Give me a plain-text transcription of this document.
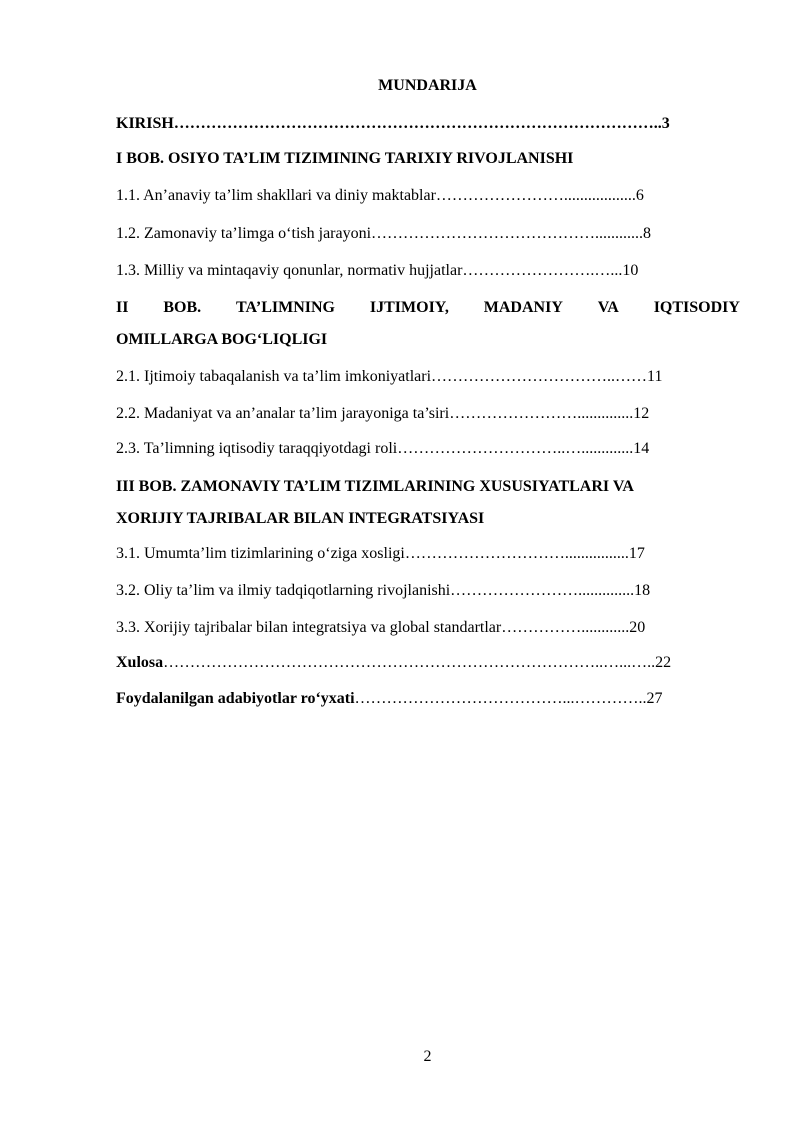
MUNDARIJA
KIRISH………………………………………………………………………………..3
I BOB. OSIYO TA’LIM TIZIMINING TARIXIY RIVOJLANISHI
1.1. An’anaviy ta’lim shakllari va diniy maktablar……………………..................6
1.2. Zamonaviy ta’limga o‘tish jarayoni……………………………………............8
1.3. Milliy va mintaqaviy qonunlar, normativ hujjatlar…………………….…...10
II BOB. TA’LIMNING IJTIMOIY, MADANIY VA IQTISODIY
OMILLARGA BOG‘LIQLIGI
2.1. Ijtimoiy tabaqalanish va ta’lim imkoniyatlari……………………………..……11
2.2. Madaniyat va an’analar ta’lim jarayoniga ta’siri……………………..............12
2.3. Ta’limning iqtisodiy taraqqiyotdagi roli…………………………..….............14
III BOB. ZAMONAVIY TA’LIM TIZIMLARINING XUSUSIYATLARI VA
XORIJIY TAJRIBALAR BILAN INTEGRATSIYASI
3.1. Umumta’lim tizimlarining o‘ziga xosligi…………………………................17
3.2. Oliy ta’lim va ilmiy tadqiqotlarning rivojlanishi……………………..............18
3.3. Xorijiy tajribalar bilan integratsiya va global standartlar……………............20
Xulosa………………………………………………………………………..…...…..22
Foydalanilgan adabiyotlar ro‘yxati…………………………………...…………..27
2
